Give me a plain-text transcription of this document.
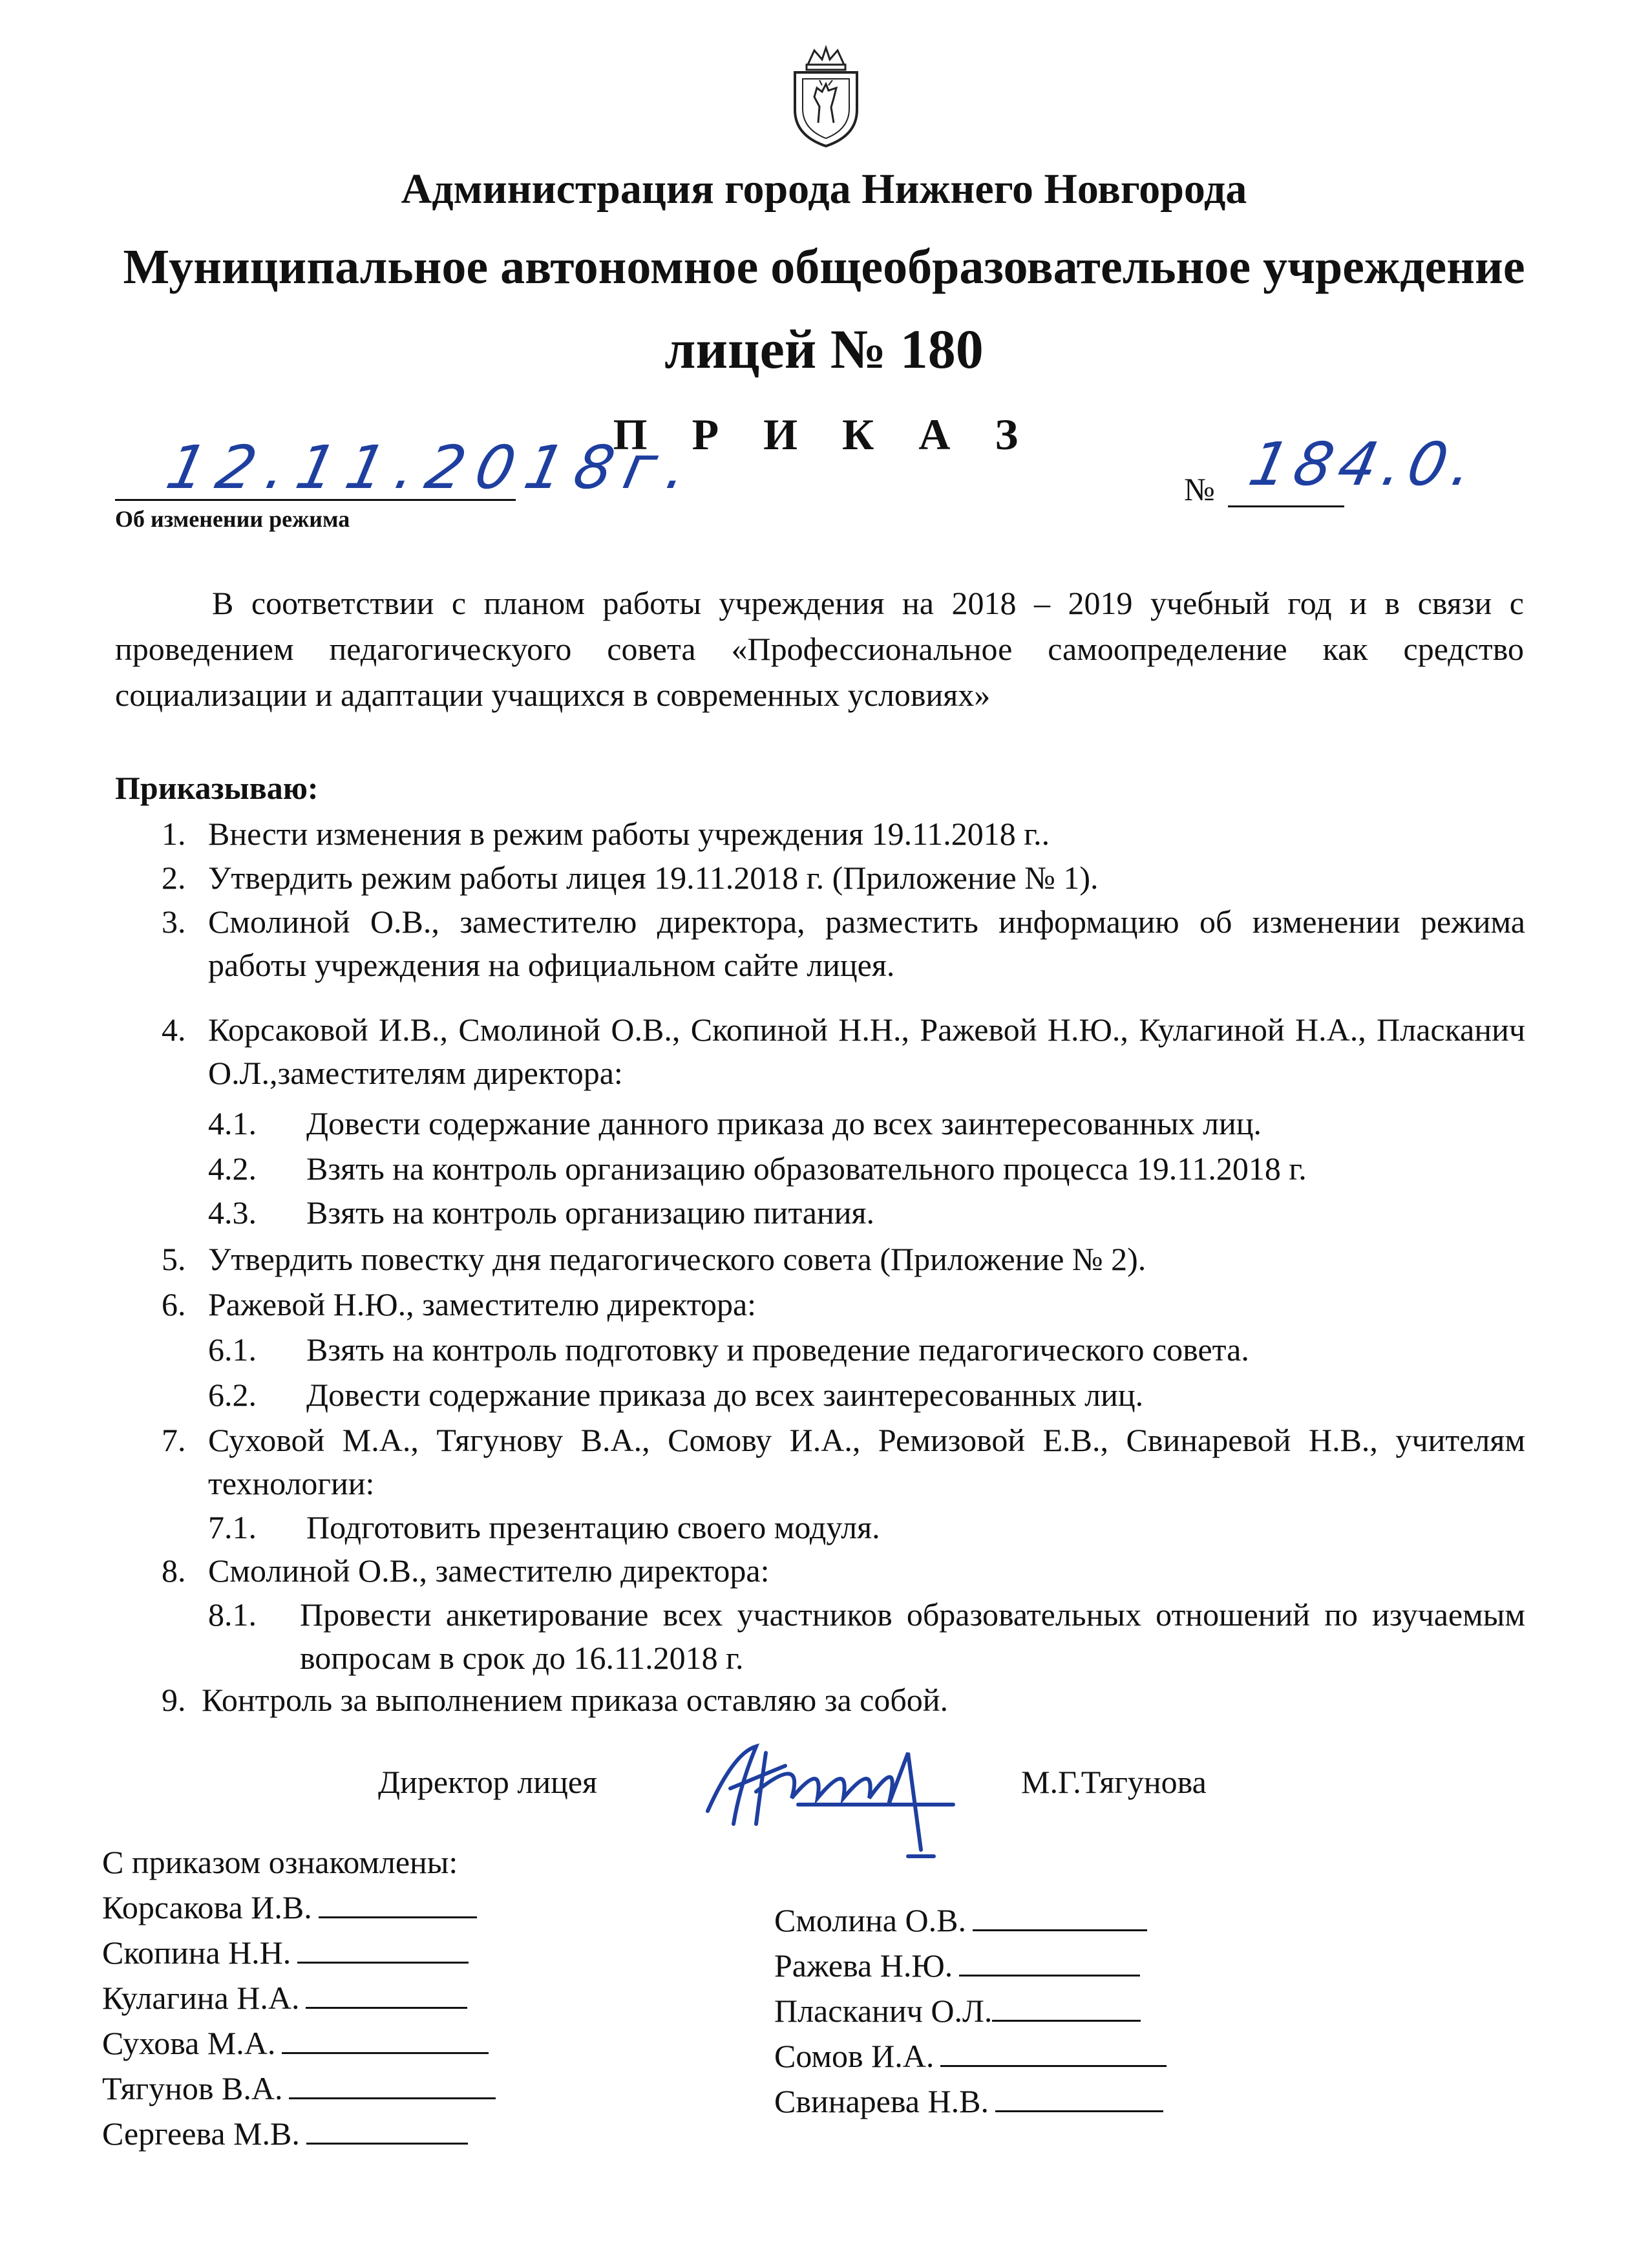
Администрация города Нижнего Новгорода
Муниципальное автономное общеобразовательное учреждение
лицей № 180
П Р И К А З
12.11.2018г.
Об изменении режима
№ 184.0.
В соответствии с планом работы учреждения на 2018 – 2019 учебный год и в связи с проведением педагогическуого совета «Профессиональное самоопределение как средство социализации и адаптации учащихся в современных условиях»
Приказываю:
1. Внести изменения в режим работы учреждения 19.11.2018 г..
2. Утвердить режим работы лицея 19.11.2018 г. (Приложение № 1).
3. Смолиной О.В., заместителю директора, разместить информацию об изменении режима работы учреждения на официальном сайте лицея.
4. Корсаковой И.В., Смолиной О.В., Скопиной Н.Н., Ражевой Н.Ю., Кулагиной Н.А., Пласканич О.Л.,заместителям директора:
4.1. Довести содержание данного приказа до всех заинтересованных лиц.
4.2. Взять на контроль организацию образовательного процесса 19.11.2018 г.
4.3. Взять на контроль организацию питания.
5. Утвердить повестку дня педагогического совета (Приложение № 2).
6. Ражевой Н.Ю., заместителю директора:
6.1. Взять на контроль подготовку и проведение педагогического совета.
6.2. Довести содержание приказа до всех заинтересованных лиц.
7. Суховой М.А., Тягунову В.А., Сомову И.А., Ремизовой Е.В., Свинаревой Н.В., учителям технологии:
7.1. Подготовить презентацию своего модуля.
8. Смолиной О.В., заместителю директора:
8.1. Провести анкетирование всех участников образовательных отношений по изучаемым вопросам в срок до 16.11.2018 г.
9. Контроль за выполнением приказа оставляю за собой.
Директор лицея	М.Г.Тягунова
С приказом ознакомлены:
Корсакова И.В.
Скопина Н.Н.
Кулагина Н.А.
Сухова М.А.
Тягунов В.А.
Сергеева М.В.
Смолина О.В.
Ражева Н.Ю.
Пласканич О.Л.
Сомов И.А.
Свинарева Н.В.
